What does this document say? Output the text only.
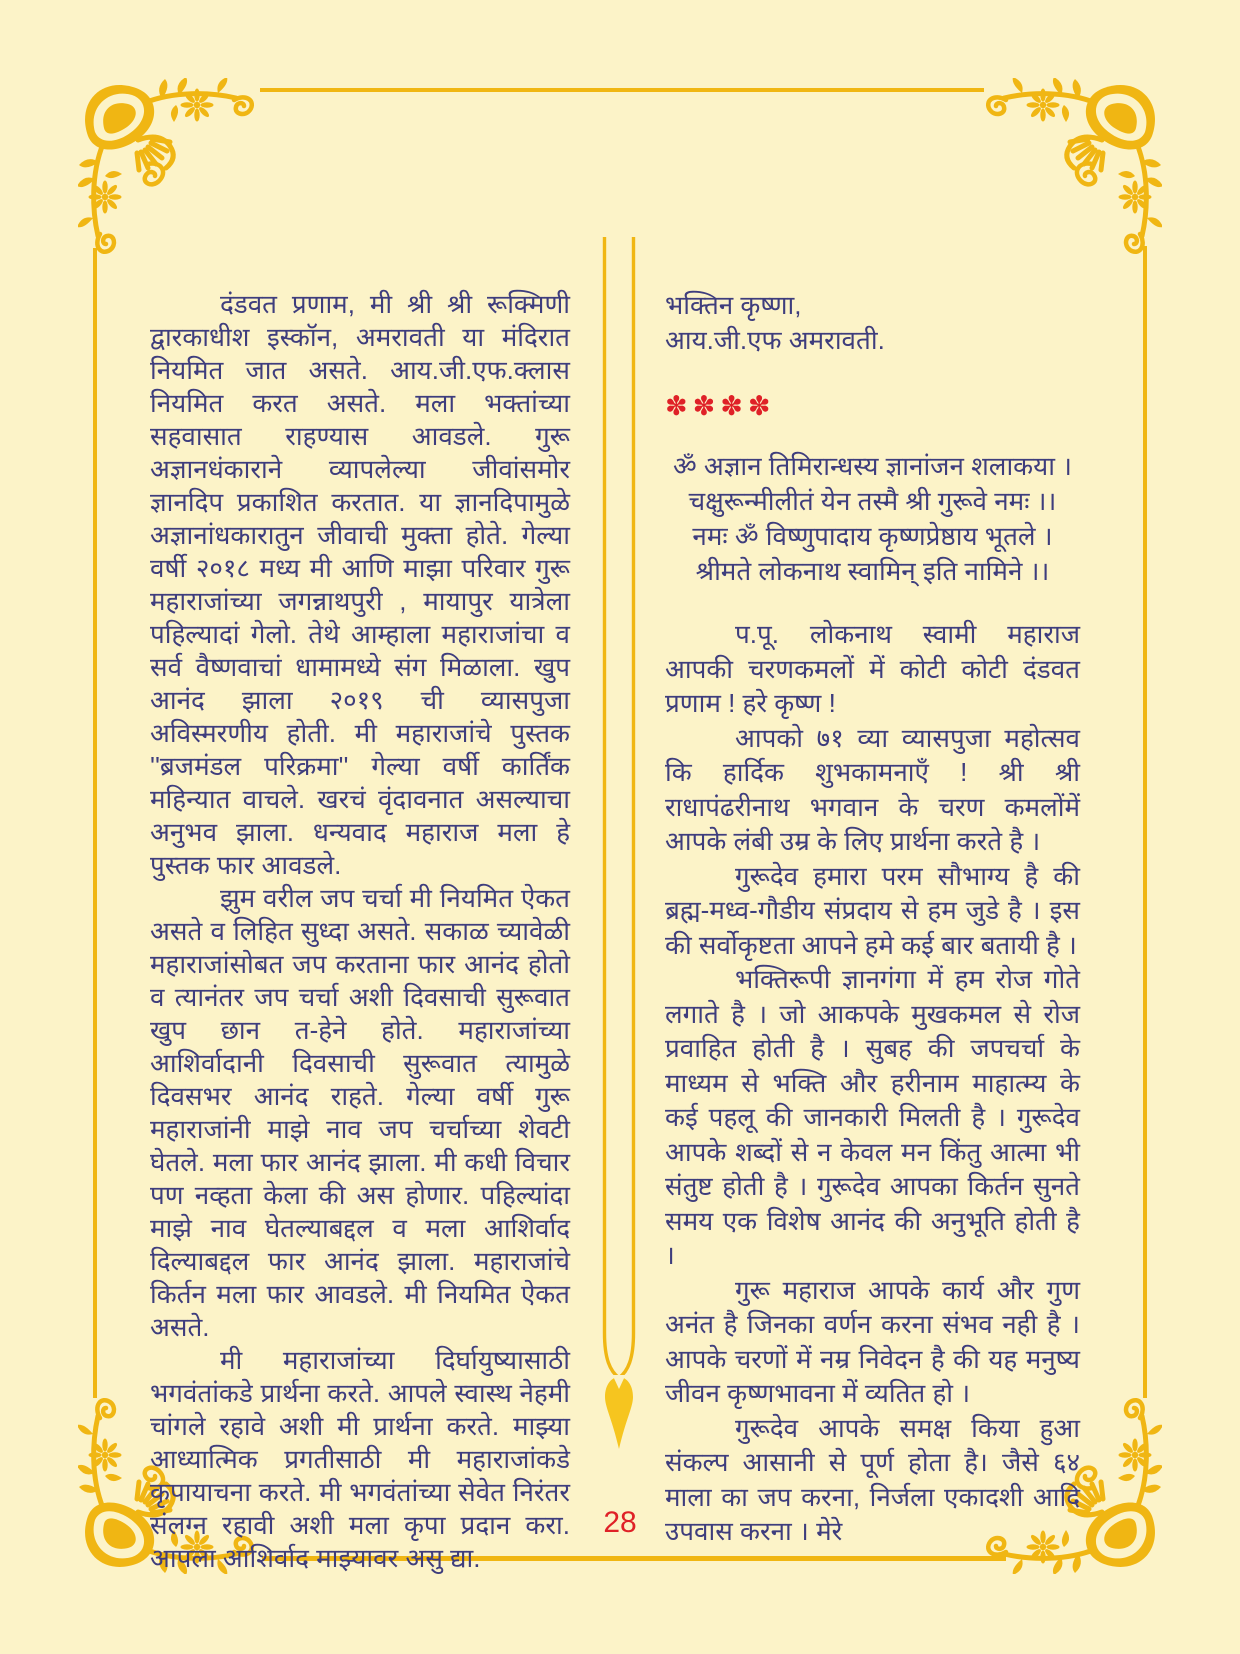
दंडवत प्रणाम, मी श्री श्री रूक्मिणी द्वारकाधीश इस्कॉन, अमरावती या मंदिरात नियमित जात असते. आय.जी.एफ.क्लास नियमित करत असते. मला भक्तांच्या सहवासात राहण्यास आवडले. गुरू अज्ञानधंकाराने व्यापलेल्या जीवांसमोर ज्ञानदिप प्रकाशित करतात. या ज्ञानदिपामुळे अज्ञानांधकारातुन जीवाची मुक्ता होते. गेल्या वर्षी २०१८ मध्य मी आणि माझा परिवार गुरू महाराजांच्या जगन्नाथपुरी , मायापुर यात्रेला पहिल्यादां गेलो. तेथे आम्हाला महाराजांचा व सर्व वैष्णवाचां धामामध्ये संग मिळाला. खुप आनंद झाला २०१९ ची व्यासपुजा अविस्मरणीय होती. मी महाराजांचे पुस्तक ''ब्रजमंडल परिक्रमा'' गेल्या वर्षी कार्तिंक महिन्यात वाचले. खरचं वृंदावनात असल्याचा अनुभव झाला. धन्यवाद महाराज मला हे पुस्तक फार आवडले.

झुम वरील जप चर्चा मी नियमित ऐकत असते व लिहित सुध्दा असते. सकाळ च्यावेळी महाराजांसोबत जप करताना फार आनंद होतो व त्यानंतर जप चर्चा अशी दिवसाची सुरूवात खुप छान त-हेने होते. महाराजांच्या आशिर्वादानी दिवसाची सुरूवात त्यामुळे दिवसभर आनंद राहते. गेल्या वर्षी गुरू महाराजांनी माझे नाव जप चर्चाच्या शेवटी घेतले. मला फार आनंद झाला. मी कधी विचार पण नव्हता केला की अस होणार. पहिल्यांदा माझे नाव घेतल्याबद्दल व मला आशिर्वाद दिल्याबद्दल फार आनंद झाला. महाराजांचे किर्तन मला फार आवडले. मी नियमित ऐकत असते.

मी महाराजांच्या दिर्घायुष्यासाठी भगवंतांकडे प्रार्थना करते. आपले स्वास्थ नेहमी चांगले रहावे अशी मी प्रार्थना करते. माझ्या आध्यात्मिक प्रगतीसाठी मी महाराजांकडे कृपायाचना करते. मी भगवंतांच्या सेवेत निरंतर संलग्न रहावी अशी मला कृपा प्रदान करा. आपला आशिर्वाद माझ्यावर असु द्या.

भक्तिन कृष्णा,

आय.जी.एफ अमरावती.

✽✽✽✽
ॐ अज्ञान तिमिरान्धस्य ज्ञानांजन शलाकया ।
चक्षुरून्मीलीतं येन तस्मै श्री गुरूवे नमः ।।
नमः ॐ विष्णुपादाय कृष्णप्रेष्ठाय भूतले ।
श्रीमते लोकनाथ स्वामिन् इति नामिने ।।

प.पू. लोकनाथ स्वामी महाराज आपकी चरणकमलों में कोटी कोटी दंडवत प्रणाम ! हरे कृष्ण !

आपको ७१ व्या व्यासपुजा महोत्सव कि हार्दिक शुभकामनाएँ ! श्री श्री राधापंढरीनाथ भगवान के चरण कमलोंमें आपके लंबी उम्र के लिए प्रार्थना करते है ।

गुरूदेव हमारा परम सौभाग्य है की ब्रह्म-मध्व-गौडीय संप्रदाय से हम जुडे है । इस की सर्वोकृष्टता आपने हमे कई बार बतायी है ।

भक्तिरूपी ज्ञानगंगा में हम रोज गोते लगाते है । जो आकपके मुखकमल से रोज प्रवाहित होती है । सुबह की जपचर्चा के माध्यम से भक्ति और हरीनाम माहात्म्य के कई पहलू की जानकारी मिलती है । गुरूदेव आपके शब्दों से न केवल मन किंतु आत्मा भी संतुष्ट होती है । गुरूदेव आपका किर्तन सुनते समय एक विशेष आनंद की अनुभूति होती है ।

गुरू महाराज आपके कार्य और गुण अनंत है जिनका वर्णन करना संभव नही है । आपके चरणों में नम्र निवेदन है की यह मनुष्य जीवन कृष्णभावना में व्यतित हो ।

गुरूदेव आपके समक्ष किया हुआ संकल्प आसानी से पूर्ण होता है। जैसे ६४ माला का जप करना, निर्जला एकादशी आदि उपवास करना । मेरे

28
